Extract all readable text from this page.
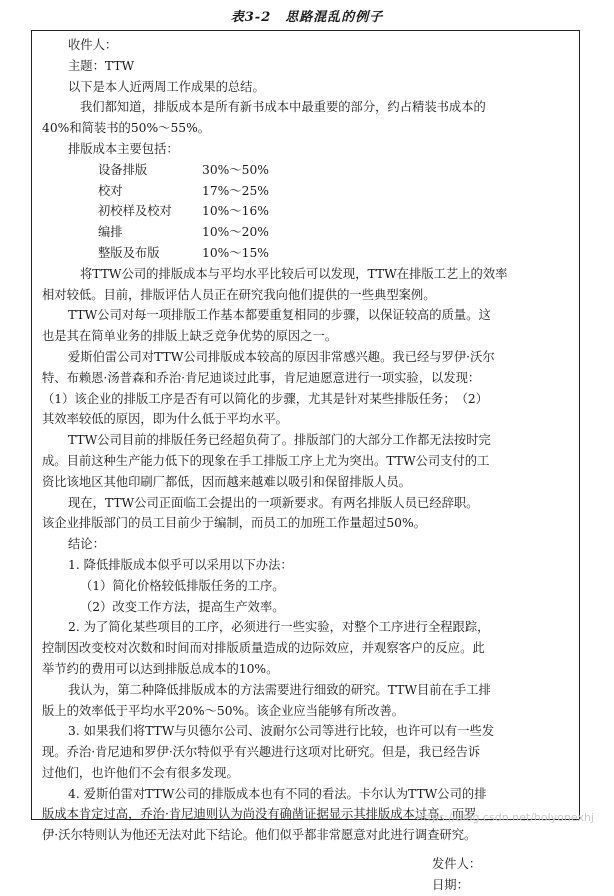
表3-2　思路混乱的例子
收件人：
主题：TTW
以下是本人近两周工作成果的总结。
我们都知道，排版成本是所有新书成本中最重要的部分，约占精装书成本的
40%和简装书的50%～55%。
排版成本主要包括：
设备排版	30%～50%
校对	17%～25%
初校样及校对	10%～16%
编排	10%～20%
整版及布版	10%～15%
将TTW公司的排版成本与平均水平比较后可以发现，TTW在排版工艺上的效率
相对较低。目前，排版评估人员正在研究我向他们提供的一些典型案例。
TTW公司对每一项排版工作基本都要重复相同的步骤，以保证较高的质量。这
也是其在简单业务的排版上缺乏竞争优势的原因之一。
爱斯伯雷公司对TTW公司排版成本较高的原因非常感兴趣。我已经与罗伊·沃尔
特、布赖恩·汤普森和乔治·肯尼迪谈过此事，肯尼迪愿意进行一项实验，以发现：
（1）该企业的排版工序是否有可以简化的步骤，尤其是针对某些排版任务；　（2）
其效率较低的原因，即为什么低于平均水平。
TTW公司目前的排版任务已经超负荷了。排版部门的大部分工作都无法按时完
成。目前这种生产能力低下的现象在手工排版工序上尤为突出。TTW公司支付的工
资比该地区其他印刷厂都低，因而越来越难以吸引和保留排版人员。
现在，TTW公司正面临工会提出的一项新要求。有两名排版人员已经辞职。
该企业排版部门的员工目前少于编制，而员工的加班工作量超过50%。
结论：
1. 降低排版成本似乎可以采用以下办法：
（1）简化价格较低排版任务的工序。
（2）改变工作方法，提高生产效率。
2. 为了简化某些项目的工序，必须进行一些实验，对整个工序进行全程跟踪，
控制因改变校对次数和时间而对排版质量造成的边际效应，并观察客户的反应。此
举节约的费用可以达到排版总成本的10%。
我认为，第二种降低排版成本的方法需要进行细致的研究。TTW目前在手工排
版上的效率低于平均水平20%～50%。该企业应当能够有所改善。
3. 如果我们将TTW与贝德尔公司、波耐尔公司等进行比较，也许可以有一些发
现。乔治·肯尼迪和罗伊·沃尔特似乎有兴趣进行这项对比研究。但是，我已经告诉
过他们，也许他们不会有很多发现。
4. 爱斯伯雷对TTW公司的排版成本也有不同的看法。卡尔认为TTW公司的排
版成本肯定过高，乔治·肯尼迪则认为尚没有确凿证据显示其排版成本过高，而罗
伊·沃尔特则认为他还无法对此下结论。他们似乎都非常愿意对此进行调查研究。
发件人：
日期：
https://blog.csdn.net/holyonexhj
